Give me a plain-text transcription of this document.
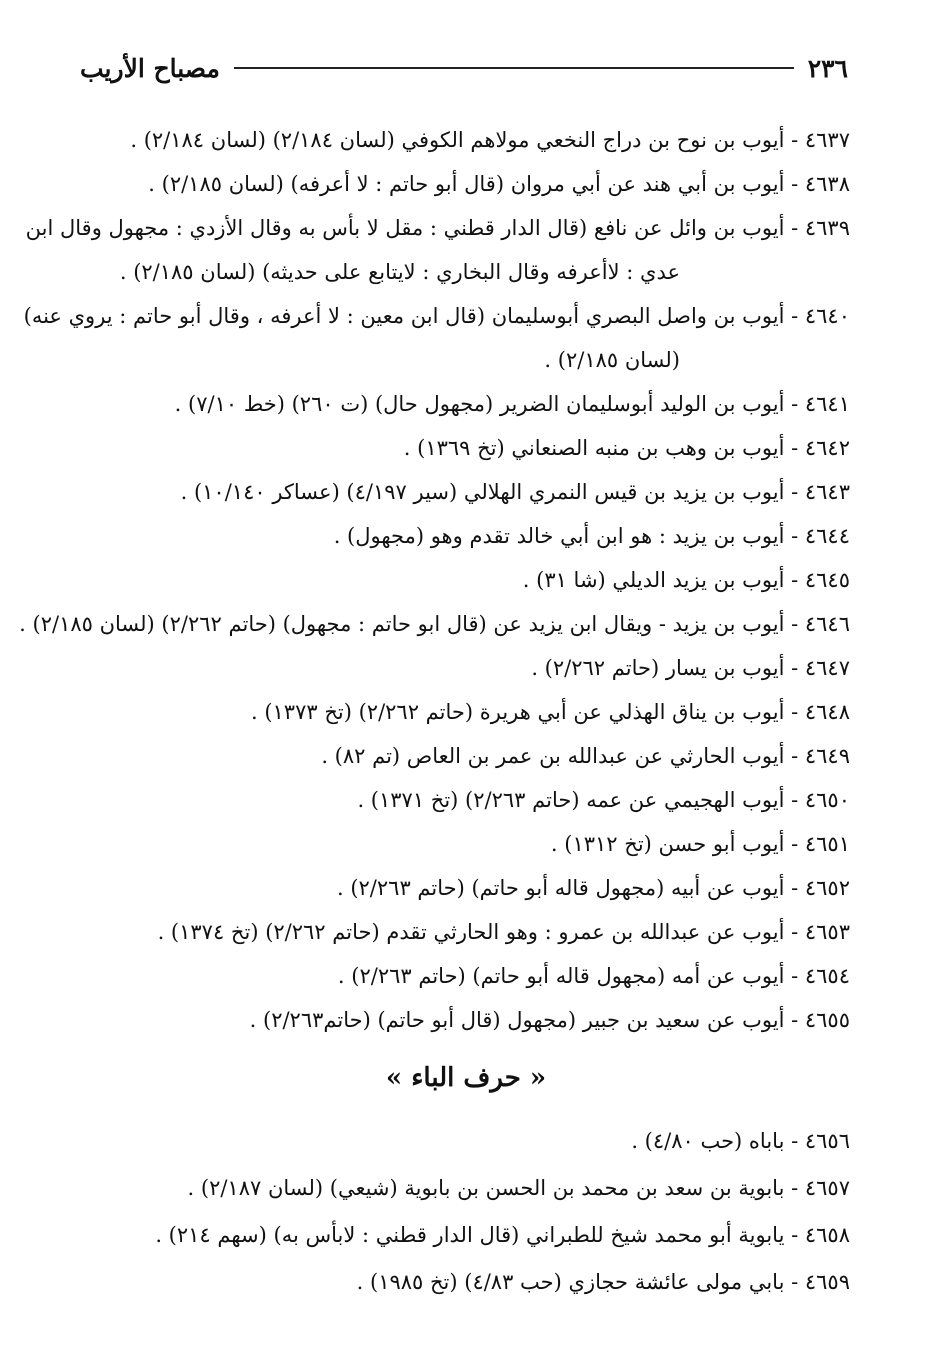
٢٣٦
مصباح الأريب
٤٦٣٧ - أيوب بن نوح بن دراج النخعي مولاهم الكوفي (لسان ٢/١٨٤) (لسان ٢/١٨٤) .
٤٦٣٨ - أيوب بن أبي هند عن أبي مروان (قال أبو حاتم : لا أعرفه) (لسان ٢/١٨٥) .
٤٦٣٩ - أيوب بن وائل عن نافع (قال الدار قطني : مقل لا بأس به وقال الأزدي : مجهول وقال ابن
عدي : لاأعرفه وقال البخاري : لايتابع على حديثه) (لسان ٢/١٨٥) .
٤٦٤٠ - أيوب بن واصل البصري أبوسليمان (قال ابن معين : لا أعرفه ، وقال أبو حاتم : يروي عنه)
(لسان ٢/١٨٥) .
٤٦٤١ - أيوب بن الوليد أبوسليمان الضرير (مجهول حال) (ت ٢٦٠) (خط ٧/١٠) .
٤٦٤٢ - أيوب بن وهب بن منبه الصنعاني (تخ ١٣٦٩) .
٤٦٤٣ - أيوب بن يزيد بن قيس النمري الهلالي (سير ٤/١٩٧) (عساكر ١٠/١٤٠) .
٤٦٤٤ - أيوب بن يزيد : هو ابن أبي خالد تقدم وهو (مجهول) .
٤٦٤٥ - أيوب بن يزيد الديلي (شا ٣١) .
٤٦٤٦ - أيوب بن يزيد - ويقال ابن يزيد عن (قال ابو حاتم : مجهول) (حاتم ٢/٢٦٢) (لسان ٢/١٨٥) .
٤٦٤٧ - أيوب بن يسار (حاتم ٢/٢٦٢) .
٤٦٤٨ - أيوب بن يناق الهذلي عن أبي هريرة (حاتم ٢/٢٦٢) (تخ ١٣٧٣) .
٤٦٤٩ - أيوب الحارثي عن عبدالله بن عمر بن العاص (تم ٨٢) .
٤٦٥٠ - أيوب الهجيمي عن عمه (حاتم ٢/٢٦٣) (تخ ١٣٧١) .
٤٦٥١ - أيوب أبو حسن (تخ ١٣١٢) .
٤٦٥٢ - أيوب عن أبيه (مجهول قاله أبو حاتم) (حاتم ٢/٢٦٣) .
٤٦٥٣ - أيوب عن عبدالله بن عمرو : وهو الحارثي تقدم (حاتم ٢/٢٦٢) (تخ ١٣٧٤) .
٤٦٥٤ - أيوب عن أمه (مجهول قاله أبو حاتم) (حاتم ٢/٢٦٣) .
٤٦٥٥ - أيوب عن سعيد بن جبير (مجهول (قال أبو حاتم) (حاتم٢/٢٦٣) .
« حرف الباء »
٤٦٥٦ - باباه (حب ٤/٨٠) .
٤٦٥٧ - بابوية بن سعد بن محمد بن الحسن بن بابوية (شيعي) (لسان ٢/١٨٧) .
٤٦٥٨ - يابوية أبو محمد شيخ للطبراني (قال الدار قطني : لابأس به) (سهم ٢١٤) .
٤٦٥٩ - بابي مولى عائشة حجازي (حب ٤/٨٣) (تخ ١٩٨٥) .
